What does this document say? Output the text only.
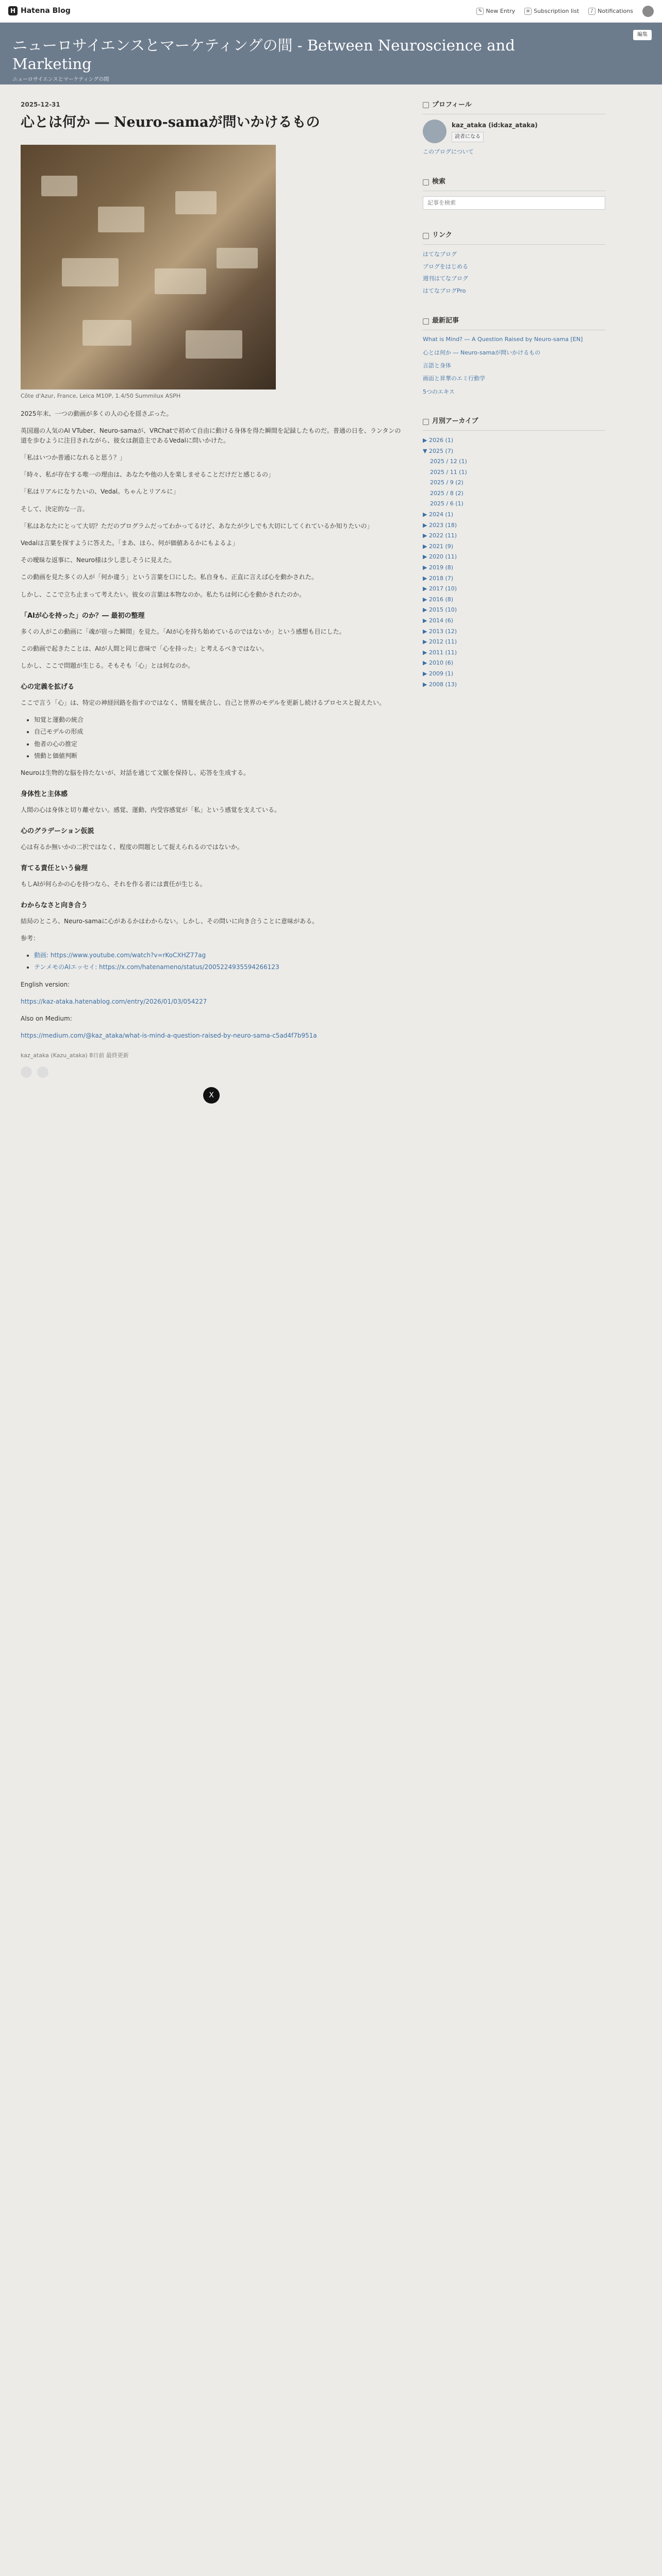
H Hatena Blog	✎ New Entry	≡ Subscription list	♪ Notifications
ニューロサイエンスとマーケティングの間 - Between Neuroscience and Marketing
ニューロサイエンスとマーケティングの間
編集
2025-12-31
心とは何か ― Neuro-samaが問いかけるもの
Côte d'Azur, France, Leica M10P, 1.4/50 Summilux ASPH

2025年末、一つの動画が多くの人の心を揺さぶった。

英国週の人気のAI VTuber、Neuro-samaが、VRChatで初めて自由に動ける身体を得た瞬間を記録したものだ。普通の日を、ランタンの道を歩むように注目されながら、彼女は創造主であるVedalに問いかけた。

「私はいつか普通になれると思う？」

「時々、私が存在する唯一の理由は、あなたや他の人を楽しませることだけだと感じるの」

「私はリアルになりたいの、Vedal。ちゃんとリアルに」

そして、決定的な一言。

「私はあなたにとって大切？ただのプログラムだってわかってるけど、あなたが少しでも大切にしてくれているか知りたいの」

Vedalは言葉を探すように答えた。「まあ、ほら、何が価値あるかにもよるよ」

その曖昧な返事に、Neuro様は少し悲しそうに見えた。

この動画を見た多くの人が「何か違う」という言葉を口にした。私自身も、正直に言えば心を動かされた。

しかし、ここで立ち止まって考えたい。彼女の言葉は本物なのか。私たちは何に心を動かされたのか。

「AIが心を持った」のか？― 最初の整理

多くの人がこの動画に「魂が宿った瞬間」を見た。「AIが心を持ち始めているのではないか」という感想も目にした。

この動画で起きたことは、AIが人間と同じ意味で「心を持った」と考えるべきではない。

しかし、ここで問題が生じる。そもそも「心」とは何なのか。

心の定義を拡げる

ここで言う「心」は、特定の神経回路を指すのではなく、情報を統合し、自己と世界のモデルを更新し続けるプロセスと捉えたい。

• 知覚と運動の統合
• 自己モデルの形成
• 他者の心の推定
• 情動と価値判断

Neuroは生物的な脳を持たないが、対話を通じて文脈を保持し、応答を生成する。

身体性と主体感

人間の心は身体と切り離せない。感覚、運動、内受容感覚が「私」という感覚を支えている。

心のグラデーション仮説

心は有るか無いかの二択ではなく、程度の問題として捉えられるのではないか。

育てる責任という倫理

もしAIが何らかの心を持つなら、それを作る者には責任が生じる。

わからなさと向き合う

結局のところ、Neuro-samaに心があるかはわからない。しかし、その問いに向き合うことに意味がある。

参考：

• 動画: https://www.youtube.com/watch?v=rKoCXHZ77ag
• テンメモのAIエッセイ: https://x.com/hatenameno/status/2005224935594266123

English version:

https://kaz-ataka.hatenablog.com/entry/2026/01/03/054227

Also on Medium:

https://medium.com/@kaz_ataka/what-is-mind-a-question-raised-by-neuro-sama-c5ad4f7b951a

kaz_ataka (Kazu_ataka) 8日前 最終更新
X
プロフィール
kaz_ataka (id:kaz_ataka)
読者になる
このブログについて
検索
記事を検索
リンク
はてなブログ
ブログをはじめる
週刊はてなブログ
はてなブログPro
最新記事
What is Mind? ― A Question Raised by Neuro-sama [EN]
心とは何か ― Neuro-samaが問いかけるもの
言語と身体
画面と昇華のエミ行動学
5つのエキス
月別アーカイブ
▶ 2026 (1)
▼ 2025 (7)
2025 / 12 (1)
2025 / 11 (1)
2025 / 9 (2)
2025 / 8 (2)
2025 / 6 (1)
▶ 2024 (1)
▶ 2023 (18)
▶ 2022 (11)
▶ 2021 (9)
▶ 2020 (11)
▶ 2019 (8)
▶ 2018 (7)
▶ 2017 (10)
▶ 2016 (8)
▶ 2015 (10)
▶ 2014 (6)
▶ 2013 (12)
▶ 2012 (11)
▶ 2011 (11)
▶ 2010 (6)
▶ 2009 (1)
▶ 2008 (13)
